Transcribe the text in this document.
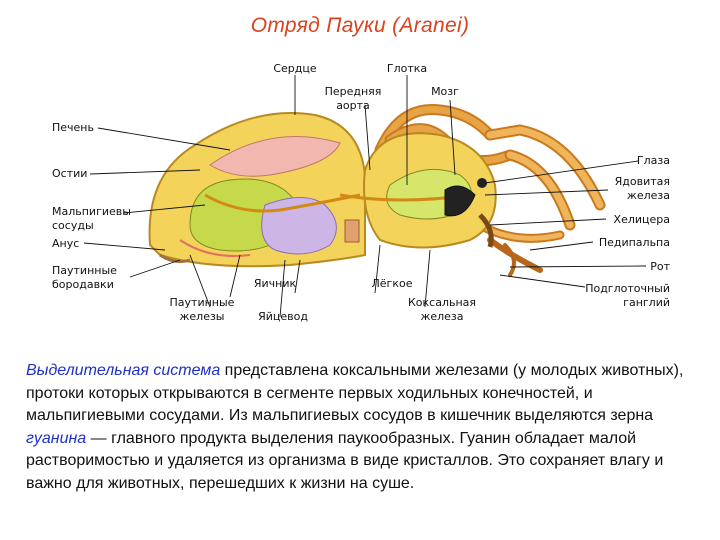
Отряд Пауки (Aranei)
Сердце	Глотка
Передняя
аорта
Мозг
Печень
Остии
Мальпигиевы
сосуды
Анус
Паутинные
бородавки
Глаза
Ядовитая
железа
Хелицера
Педипальпа
Рот
Подглоточный
ганглий
Яичник	Лёгкое
Паутинные
железы	Яйцевод
Коксальная
железа
Выделительная система представлена коксальными железами (у молодых животных), протоки которых открываются в сегменте первых ходильных конечностей, и мальпигиевыми сосудами. Из мальпигиевых сосудов в кишечник выделяются зерна гуанина — главного продукта выделения паукообразных. Гуанин обладает малой растворимостью и удаляется из организма в виде кристаллов. Это сохраняет влагу и важно для животных, перешедших к жизни на суше.
